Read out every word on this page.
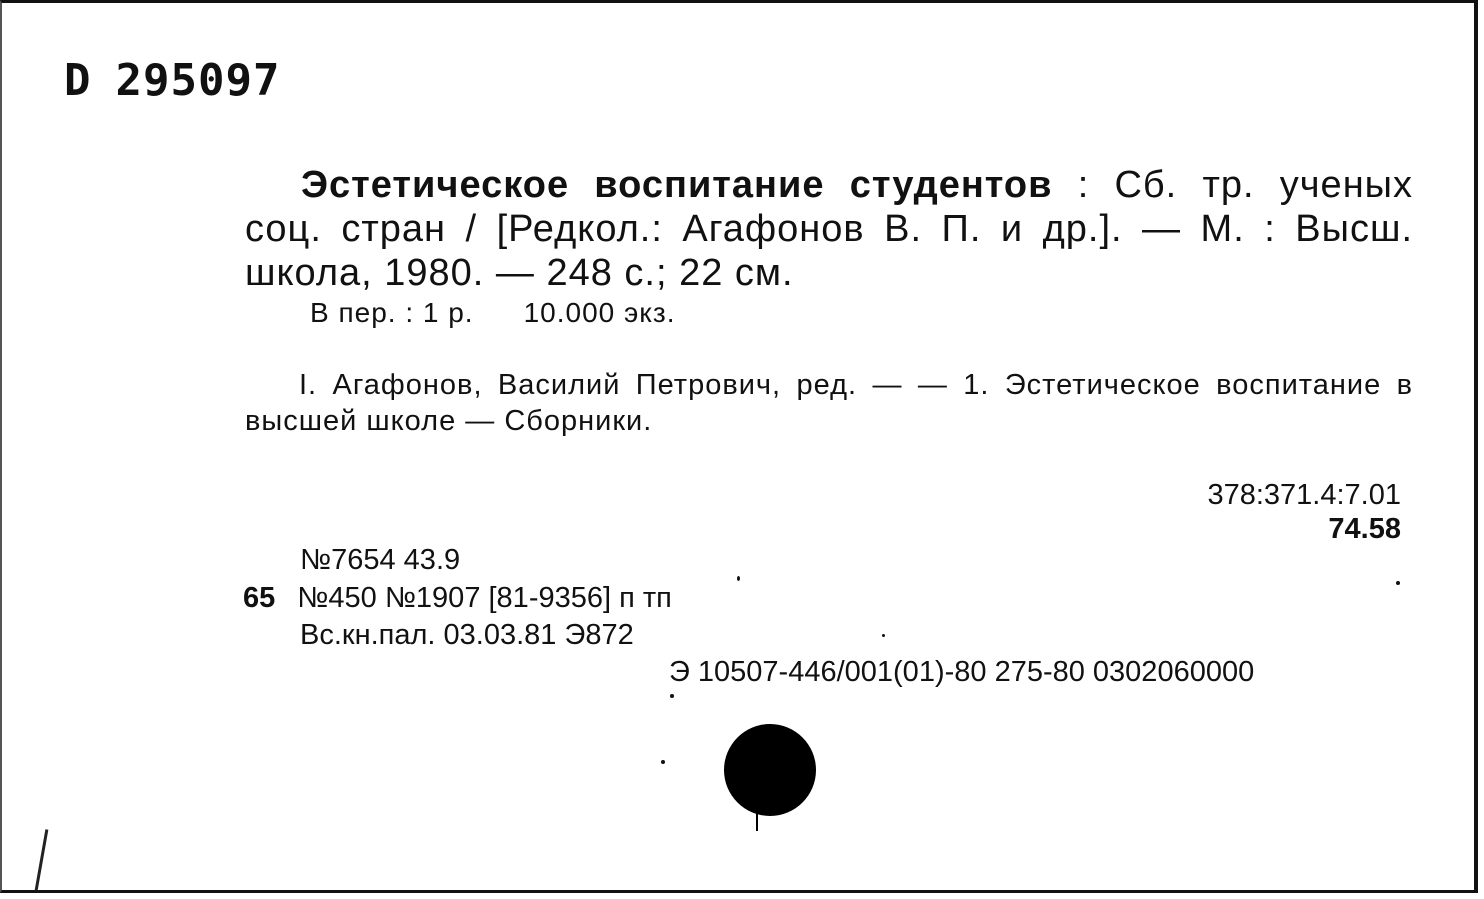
D 295097
Эстетическое воспитание студентов : Сб. тр. ученых соц. стран / [Редкол.: Агафонов В. П. и др.]. — М. : Высш. школа, 1980. — 248 с.; 22 см.
В пер. : 1 р. 10.000 экз.
I. Агафонов, Василий Петрович, ред. — — 1. Эстетическое воспитание в высшей школе — Сборники.
378:371.4:7.01
74.58
№7654 43.9
65 №450 №1907 [81-9356] п тп
Вс.кн.пал. 03.03.81 Э872
Э 10507-446/001(01)-80 275-80 0302060000
